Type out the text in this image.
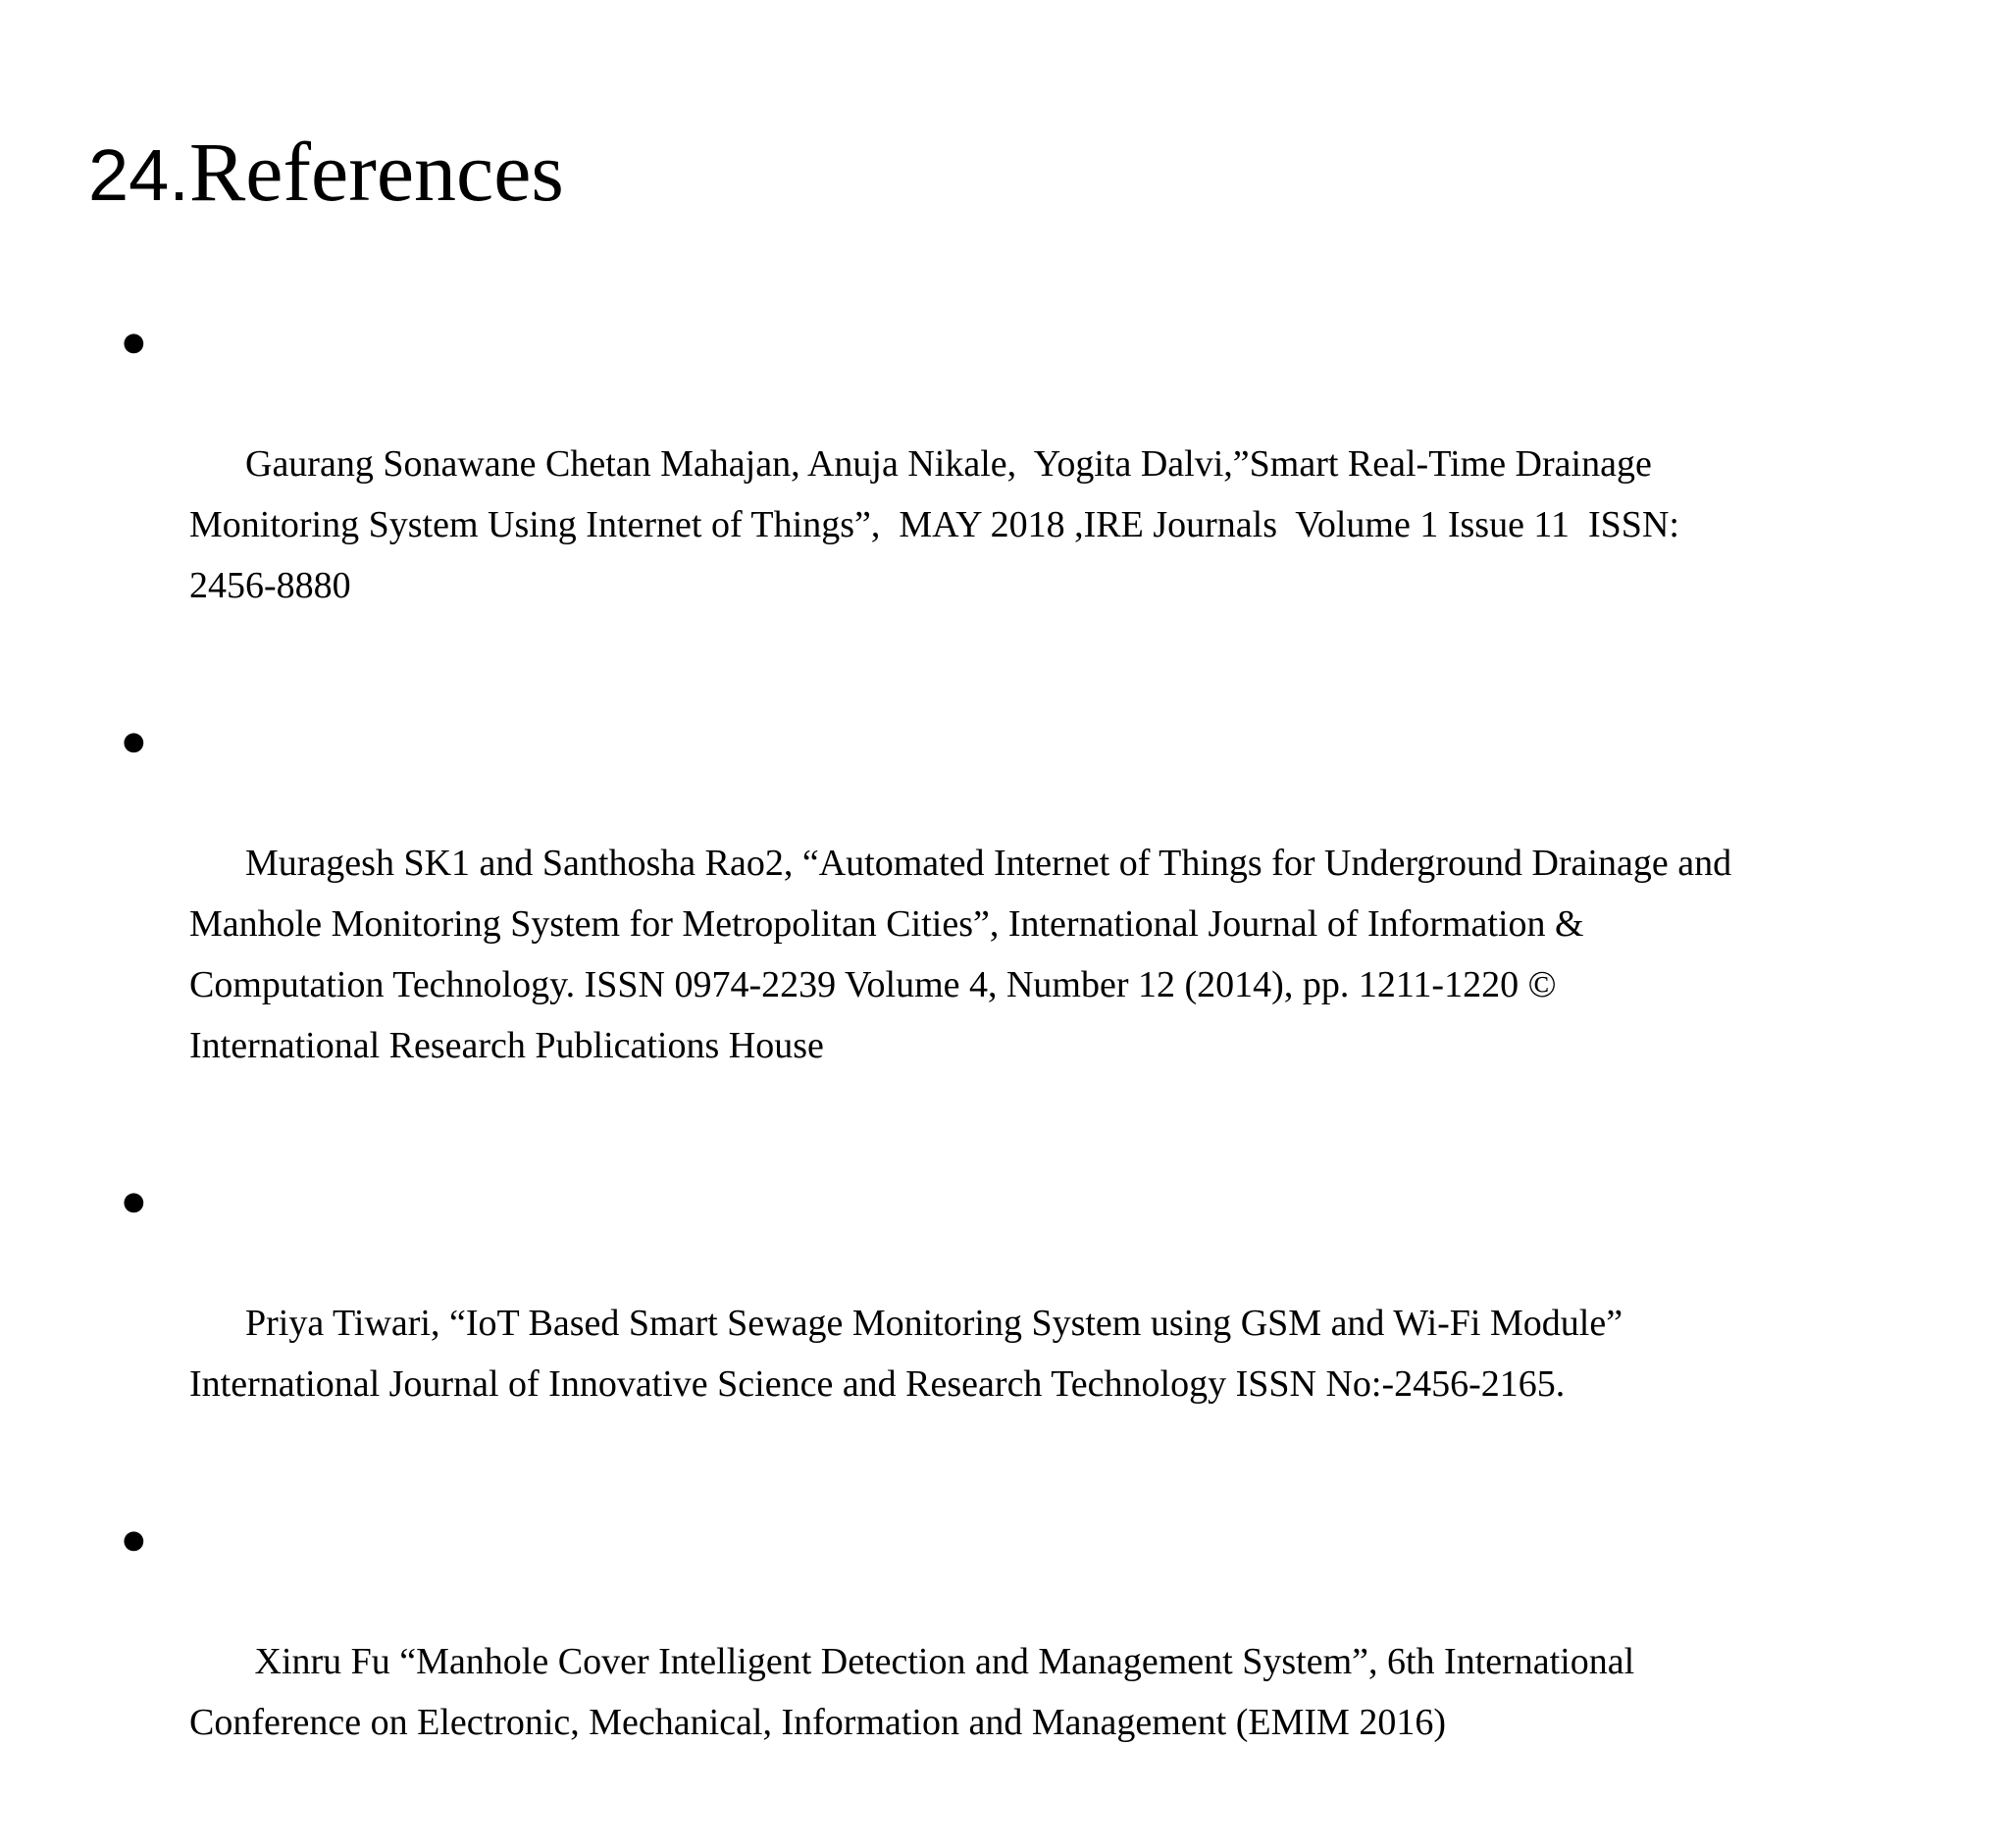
24.References

●

Gaurang Sonawane Chetan Mahajan, Anuja Nikale,  Yogita Dalvi,”Smart Real-Time Drainage Monitoring System Using Internet of Things”,  MAY 2018 ,IRE Journals  Volume 1 Issue 11  ISSN: 2456-8880

●

Muragesh SK1 and Santhosha Rao2, “Automated Internet of Things for Underground Drainage and Manhole Monitoring System for Metropolitan Cities”, International Journal of Information & Computation Technology. ISSN 0974-2239 Volume 4, Number 12 (2014), pp. 1211-1220 © International Research Publications House

●

Priya Tiwari, “IoT Based Smart Sewage Monitoring System using GSM and Wi-Fi Module” International Journal of Innovative Science and Research Technology ISSN No:-2456-2165.

●

Xinru Fu “Manhole Cover Intelligent Detection and Management System”, 6th International Conference on Electronic, Mechanical, Information and Management (EMIM 2016)
